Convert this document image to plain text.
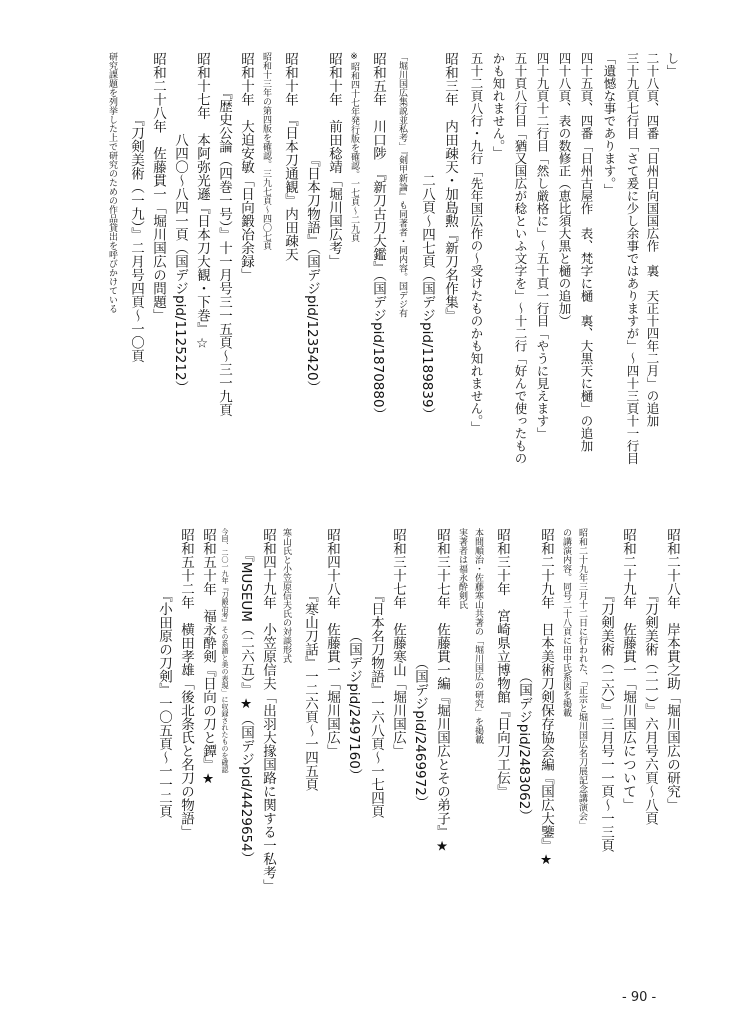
し」
二十八頁、四番「日州日向国国広作　裏　天正十四年二月」の追加
三十九頁七行目「さて爰に少し余事ではありますが」～四十三頁十一行目
「遺憾な事であります。」
四十五頁、四番「日州古屋作　表、梵字に樋　裏、大黒天に樋」の追加
四十八頁、表の数修正（恵比須大黒と樋の追加）
四十九頁十二行目「然し厳格に」～五十頁一行目「やうに見えます」
五十頁八行目「猶又国広が稔といふ文字を」～十二行「好んで使ったもの
かも知れません。」
五十二頁八行・九行「先年国広作の～受けたものかも知れません。」
昭和三年　内田疎天・加島勲『新刀名作集』
　　　　　　　　　二八頁～四七頁（国デジpid/1189839）
「堀川国広集説並私考」『剣甲新論』も同著者・同内容。国デジ有
昭和五年　川口陟　『新刀古刀大鑑』（国デジpid/1870880）
※昭和四十七年発行版を確認。一七頁～二九頁
昭和十年　前田稔靖「堀川国広考」
　　　　　　　　『日本刀物語』（国デジpid/1235420）
昭和十年　『日本刀通観』内田疎天
昭和十三年の第四版を確認。三九七頁～四〇七頁
昭和十年　大迫安敏「日向鍛冶余録」
　　　『歴史公論（四巻一号）』十一月号三一五頁～三一九頁
昭和十七年　本阿弥光遜『日本刀大観・下巻』☆
　　　　　　八四〇～八四一頁（国デジpid/1125212）
昭和二十八年　佐藤貫一「堀川国広の問題」
　　　　　『刀剣美術（一九）』二月号四頁～一〇頁
研究課題を列挙した上で研究のための作品貸出を呼びかけている
昭和二十八年　岸本貫之助「堀川国広の研究」
　　　　　『刀剣美術（二一）』六月号六頁～八頁
昭和二十九年　佐藤貫一「堀川国広について」
　　　　　『刀剣美術（二六）』三月号一一頁～一三頁
昭和二十九年三月十二日に行われた、「正宗と堀川国広名刀展記念講演会」
の講演内容。同号二十八頁に田中氏系図を掲載
昭和二十九年　日本美術刀剣保存協会編『国広大鑒』★
　　　　　　　　　　　（国デジpid/2483062）
昭和三十年　宮崎県立博物館『日向刀工伝』
本間順治・佐藤寒山共著の「堀川国広の研究」を掲載
実著者は福永酔剣氏
昭和三十七年　佐藤貫一編『堀川国広とその弟子』★
　　　　　　　　　　（国デジpid/2469972）
昭和三十七年　佐藤寒山「堀川国広」
　　　　　『日本名刀物語』一六八頁～一七四頁
　　　　　　　　（国デジpid/2497160）
昭和四十八年　佐藤貫一「堀川国広」
　　　　　『寒山刀話』一二六頁～一四五頁
寒山氏と小笠原信夫氏の対談形式
昭和四十九年　小笠原信夫「出羽大掾国路に関する一私考」
　　『MUSEUM（二六五）』★（国デジpid/4429654）
今回、二〇一九年『刀鍛冶考』その系譜と美の表現」に収録されたものを確認
昭和五十年　福永酔剣『日向の刀と鐔』★
昭和五十二年　横田孝雄「後北条氏と名刀の物語」
　　　　　『小田原の刀剣』一〇五頁～一一二頁
- 90 -
